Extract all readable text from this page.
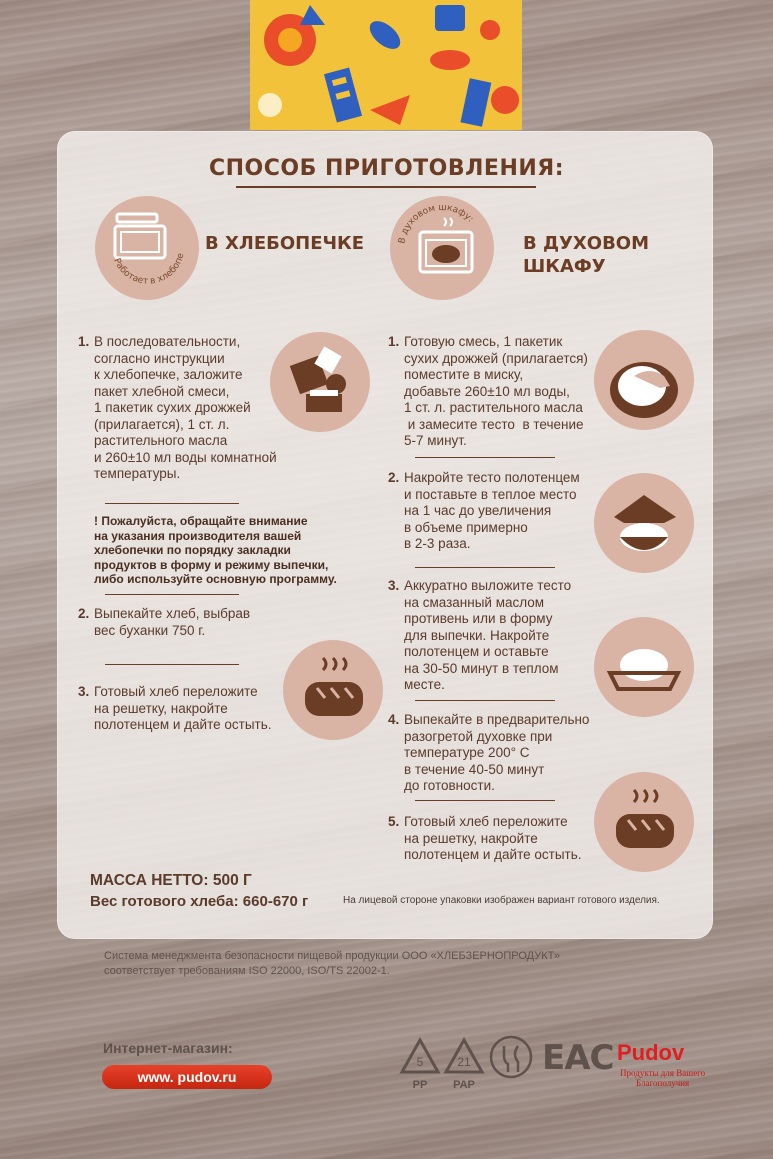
СПОСОБ ПРИГОТОВЛЕНИЯ:
Работает в хлебопе
В ХЛЕБОПЕЧКЕ	В духовом шкафу:
В ДУХОВОМ
ШКАФУ
1. В последовательности,
согласно инструкции
к хлебопечке, заложите
пакет хлебной смеси,
1 пакетик сухих дрожжей
(прилагается), 1 ст. л.
растительного масла
и 260±10 мл воды комнатной
температуры.
! Пожалуйста, обращайте внимание
на указания производителя вашей
хлебопечки по порядку закладки
продуктов в форму и режиму выпечки,
либо используйте основную программу.
2. Выпекайте хлеб, выбрав
вес буханки 750 г.
3. Готовый хлеб переложите
на решетку, накройте
полотенцем и дайте остыть.
1. Готовую смесь, 1 пакетик
сухих дрожжей (прилагается)
поместите в миску,
добавьте 260±10 мл воды,
1 ст. л. растительного масла
и замесите тесто  в течение
5-7 минут.
2. Накройте тесто полотенцем
и поставьте в теплое место
на 1 час до увеличения
в объеме примерно
в 2-3 раза.
3. Аккуратно выложите тесто
на смазанный маслом
противень или в форму
для выпечки. Накройте
полотенцем и оставьте
на 30-50 минут в теплом
месте.
4. Выпекайте в предварительно
разогретой духовке при
температуре 200° С
в течение 40-50 минут
до готовности.
5. Готовый хлеб переложите
на решетку, накройте
полотенцем и дайте остыть.
МАССА НЕТТО: 500 Г
Вес готового хлеба: 660-670 г	На лицевой стороне упаковки изображен вариант готового изделия.
Система менеджмента безопасности пищевой продукции ООО «ХЛЕБЗЕРНОПРОДУКТ»
соответствует требованиям ISO 22000, ISO/TS 22002-1.
Интернет-магазин:
www. pudov.ru
5
PP
21
PAP
ЕАС Pudov
Продукты для Вашего
Благополучия
